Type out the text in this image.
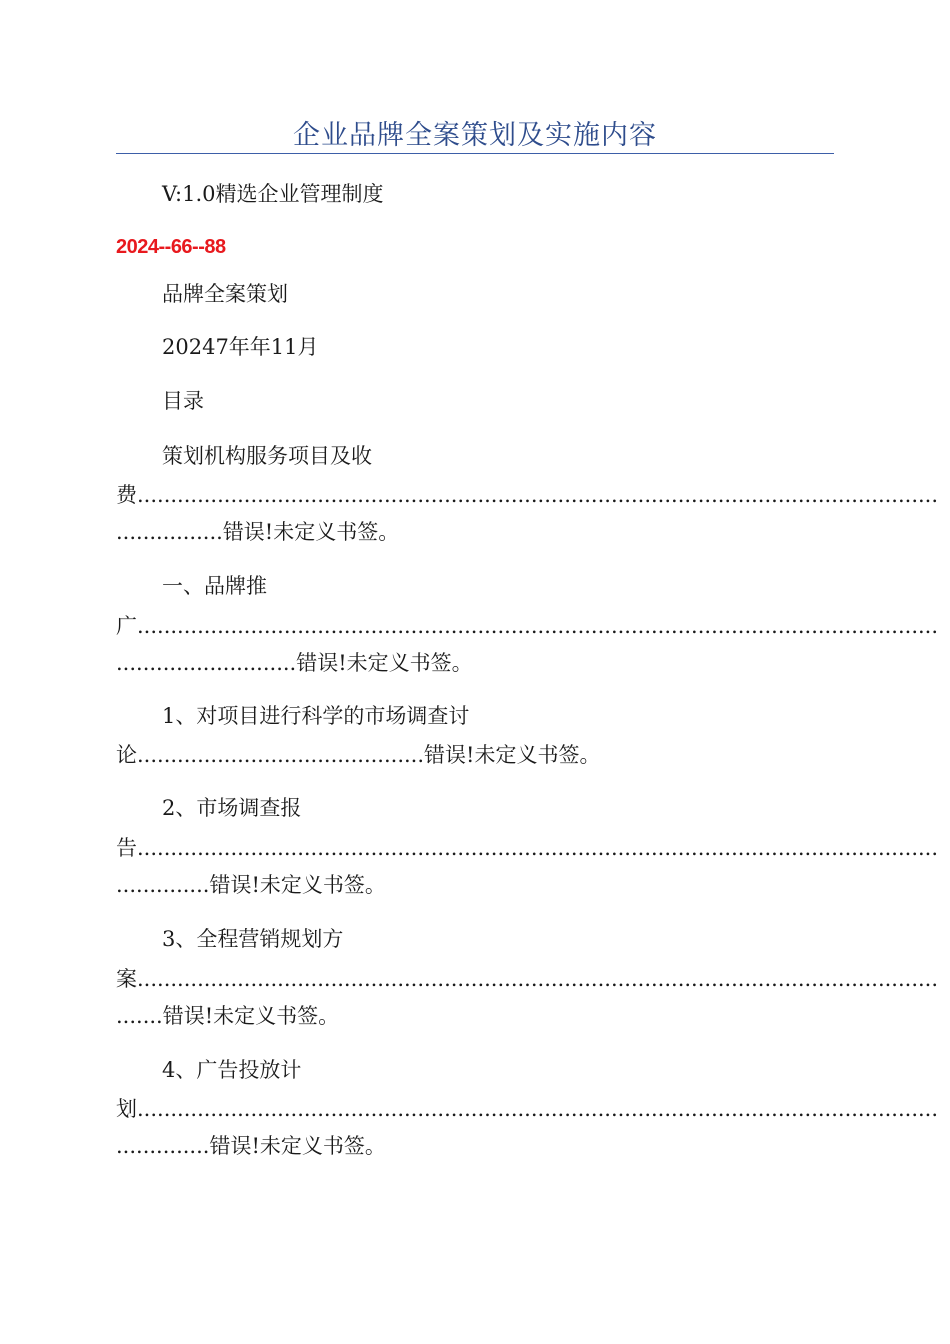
企业品牌全案策划及实施内容
V:1.0精选企业管理制度
2024--66--88
品牌全案策划
20247年年11月
目录
策划机构服务项目及收
费........................................................................................................................
................错误!未定义书签。
一、品牌推
广........................................................................................................................
...........................错误!未定义书签。
1、对项目进行科学的市场调查讨
论...........................................错误!未定义书签。
2、市场调查报
告........................................................................................................................
..............错误!未定义书签。
3、全程营销规划方
案........................................................................................................................
.......错误!未定义书签。
4、广告投放计
划........................................................................................................................
..............错误!未定义书签。
